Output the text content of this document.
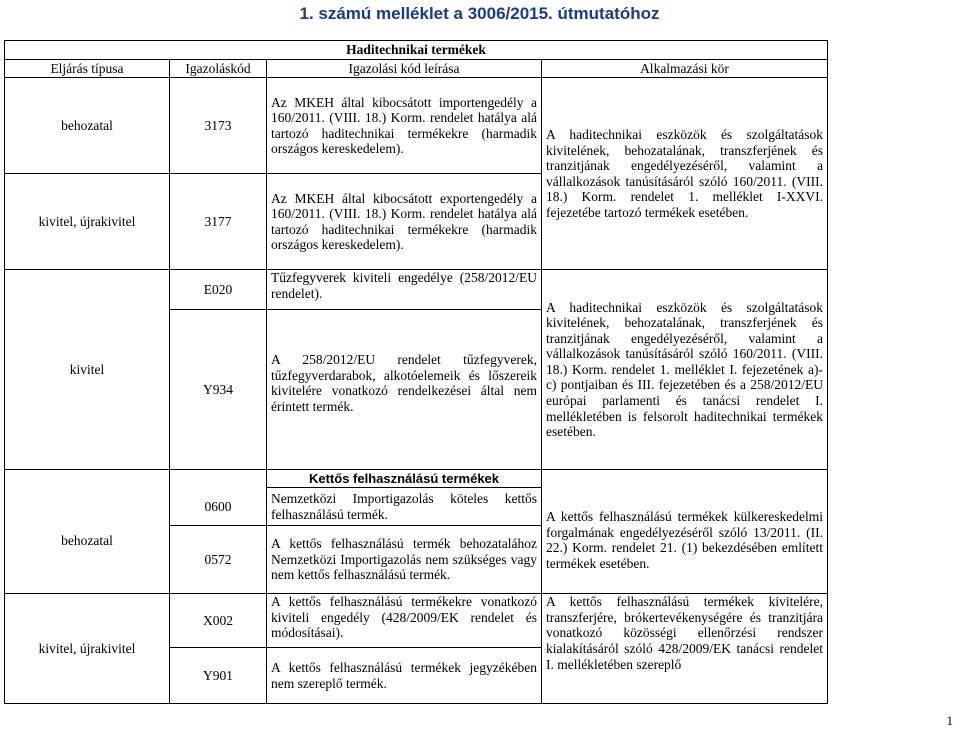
1. számú melléklet a 3006/2015. útmutatóhoz
Haditechnikai termékek			
Eljárás típusa	Igazoláskód	Igazolási kód leírása	Alkalmazási kör
behozatal	3173	Az MKEH által kibocsátott importengedély a 160/2011. (VIII. 18.) Korm. rendelet hatálya alá tartozó haditechnikai termékekre (harmadik országos kereskedelem).	A haditechnikai eszközök és szolgáltatások kivitelének, behozatalának, transzferjének és tranzitjának engedélyezéséről, valamint a vállalkozások tanúsításáról szóló 160/2011. (VIII. 18.) Korm. rendelet 1. melléklet I-XXVI. fejezetébe tartozó termékek esetében.
kivitel, újrakivitel	3177	Az MKEH által kibocsátott exportengedély a 160/2011. (VIII. 18.) Korm. rendelet hatálya alá tartozó haditechnikai termékekre (harmadik országos kereskedelem).	
kivitel	E020	Tűzfegyverek kiviteli engedélye (258/2012/EU rendelet).	A haditechnikai eszközök és szolgáltatások kivitelének, behozatalának, transzferjének és tranzitjának engedélyezéséről, valamint a vállalkozások tanúsításáról szóló 160/2011. (VIII. 18.) Korm. rendelet 1. melléklet I. fejezetének a)-c) pontjaiban és III. fejezetében és a 258/2012/EU európai parlamenti és tanácsi rendelet I. mellékletében is felsorolt haditechnikai termékek esetében.
	Y934	A 258/2012/EU rendelet tűzfegyverek, tűzfegyverdarabok, alkotóelemeik és lőszereik kivitelére vonatkozó rendelkezései által nem érintett termék.	
		Kettős felhasználású termékek	
behozatal	0600	Nemzetközi Importigazolás köteles kettős felhasználású termék.	A kettős felhasználású termékek külkereskedelmi forgalmának engedélyezéséről szóló 13/2011. (II. 22.) Korm. rendelet 21. (1) bekezdésében említett termékek esetében.
	0572	A kettős felhasználású termék behozatalához Nemzetközi Importigazolás nem szükséges vagy nem kettős felhasználású termék.	
kivitel, újrakivitel	X002	A kettős felhasználású termékekre vonatkozó kiviteli engedély (428/2009/EK rendelet és módosításai).	A kettős felhasználású termékek kivitelére, transzferjére, brókertevékenységére és tranzitjára vonatkozó közösségi ellenőrzési rendszer kialakításáról szóló 428/2009/EK tanácsi rendelet I. mellékletében szereplő
	Y901	A kettős felhasználású termékek jegyzékében nem szereplő termék.	
1
